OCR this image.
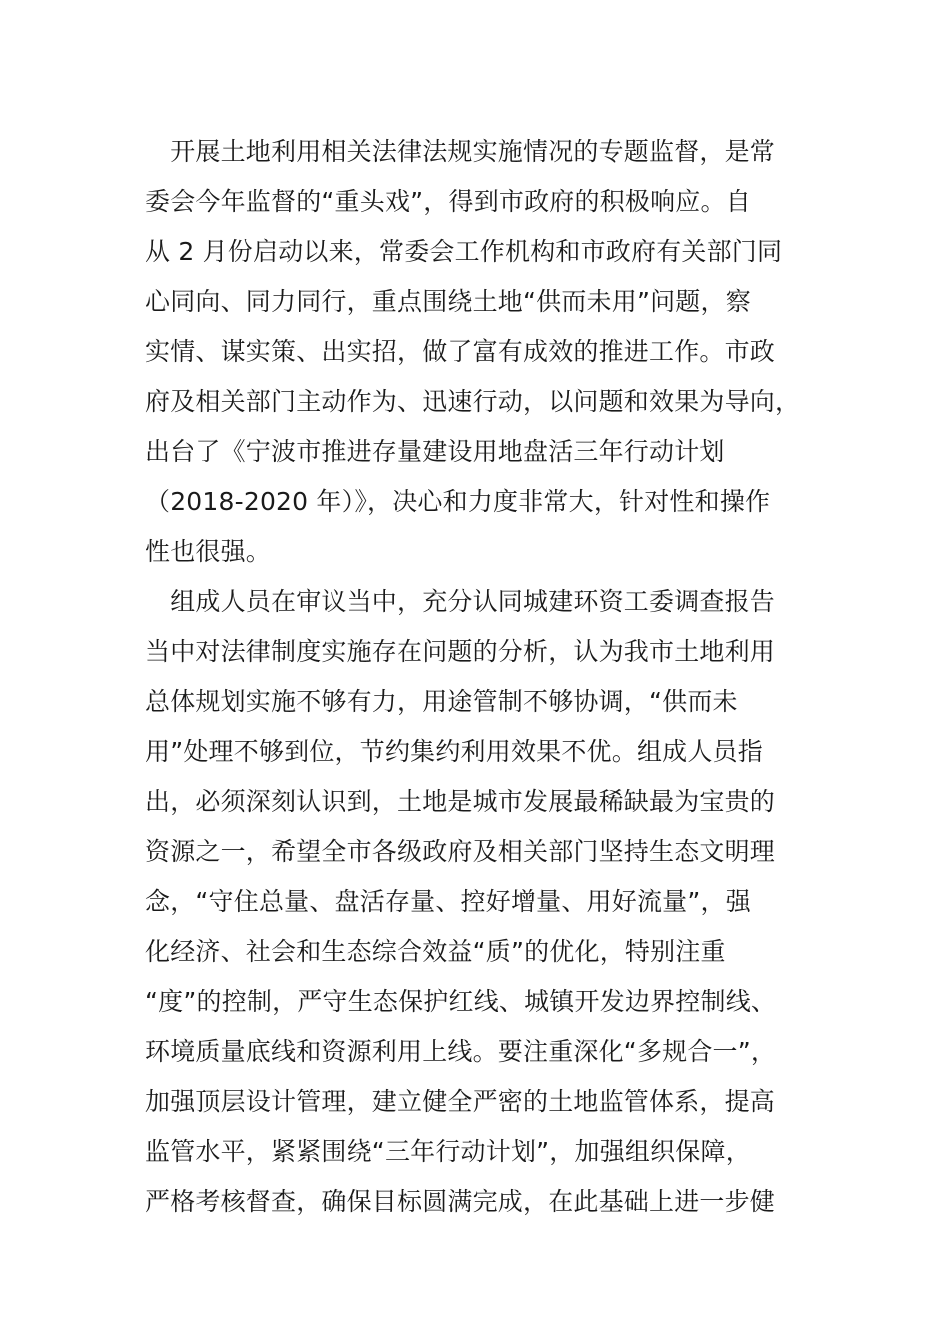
　开展土地利用相关法律法规实施情况的专题监督，是常
委会今年监督的“重头戏”，得到市政府的积极响应。自
从 2 月份启动以来，常委会工作机构和市政府有关部门同
心同向、同力同行，重点围绕土地“供而未用”问题，察
实情、谋实策、出实招，做了富有成效的推进工作。市政
府及相关部门主动作为、迅速行动，以问题和效果为导向，
出台了《宁波市推进存量建设用地盘活三年行动计划
（2018-2020 年）》，决心和力度非常大，针对性和操作
性也很强。
　组成人员在审议当中，充分认同城建环资工委调查报告
当中对法律制度实施存在问题的分析，认为我市土地利用
总体规划实施不够有力，用途管制不够协调，“供而未
用”处理不够到位，节约集约利用效果不优。组成人员指
出，必须深刻认识到，土地是城市发展最稀缺最为宝贵的
资源之一，希望全市各级政府及相关部门坚持生态文明理
念，“守住总量、盘活存量、控好增量、用好流量”，强
化经济、社会和生态综合效益“质”的优化，特别注重
“度”的控制，严守生态保护红线、城镇开发边界控制线、
环境质量底线和资源利用上线。要注重深化“多规合一”，
加强顶层设计管理，建立健全严密的土地监管体系，提高
监管水平，紧紧围绕“三年行动计划”，加强组织保障，
严格考核督查，确保目标圆满完成，在此基础上进一步健
